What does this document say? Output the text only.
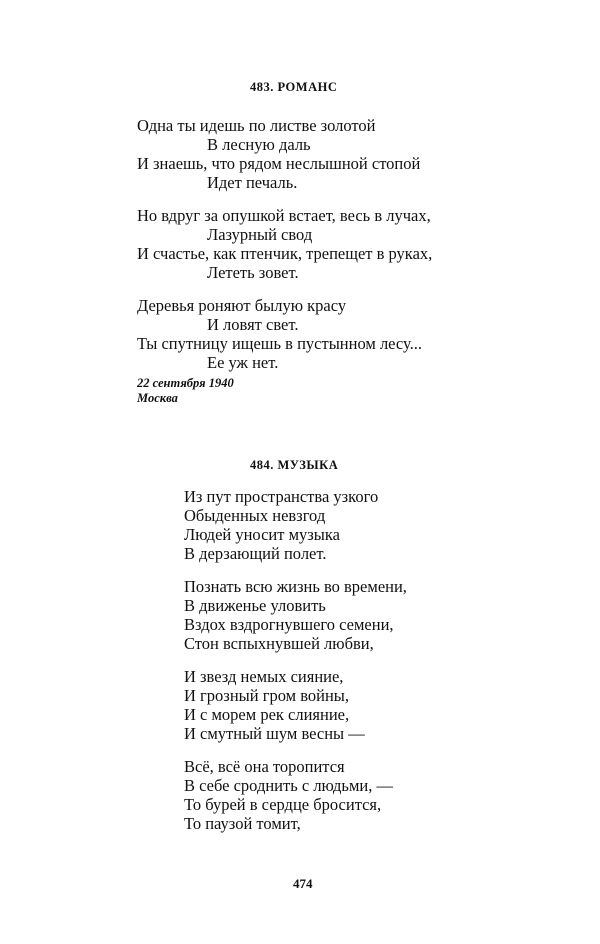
483. РОМАНС
Одна ты идешь по листве золотой
В лесную даль
И знаешь, что рядом неслышной стопой
Идет печаль.
Но вдруг за опушкой встает, весь в лучах,
Лазурный свод
И счастье, как птенчик, трепещет в руках,
Лететь зовет.
Деревья роняют былую красу
И ловят свет.
Ты спутницу ищешь в пустынном лесу...
Ее уж нет.
22 сентября 1940
Москва
484. МУЗЫКА
Из пут пространства узкого
Обыденных невзгод
Людей уносит музыка
В дерзающий полет.
Познать всю жизнь во времени,
В движенье уловить
Вздох вздрогнувшего семени,
Стон вспыхнувшей любви,
И звезд немых сияние,
И грозный гром войны,
И с морем рек слияние,
И смутный шум весны —
Всё, всё она торопится
В себе сроднить с людьми, —
То бурей в сердце бросится,
То паузой томит,
474
